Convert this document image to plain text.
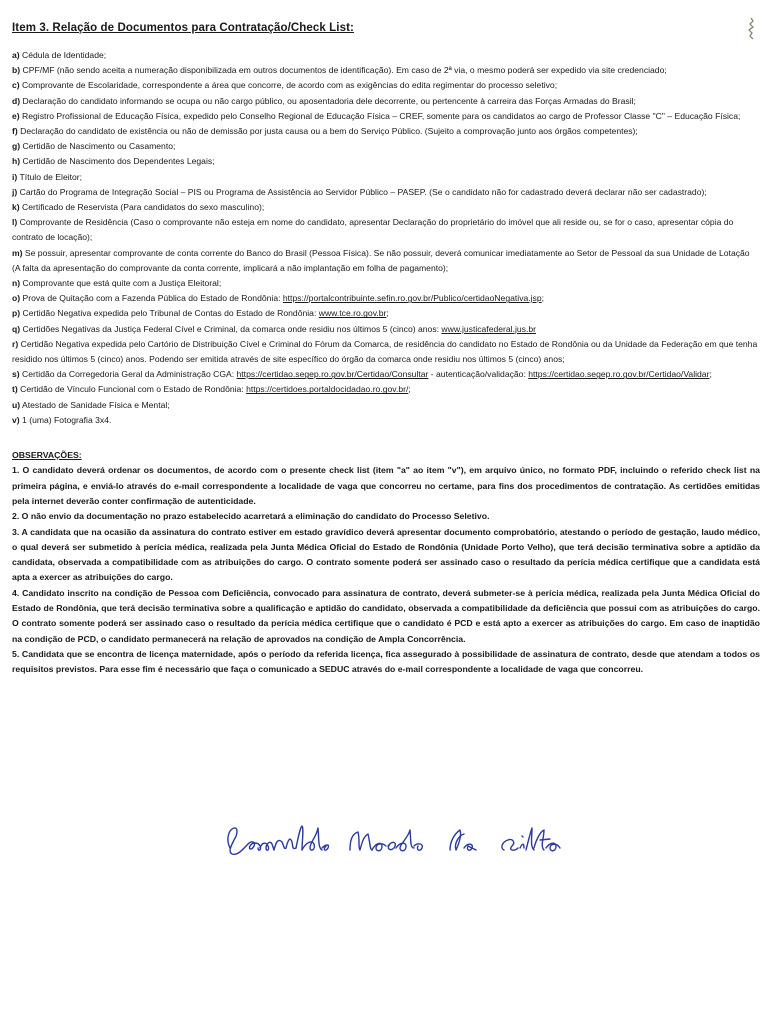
Item 3. Relação de Documentos para Contratação/Check List:

a) Cédula de Identidade;

b) CPF/MF (não sendo aceita a numeração disponibilizada em outros documentos de identificação). Em caso de 2ª via, o mesmo poderá ser expedido via site credenciado;

c) Comprovante de Escolaridade, correspondente a área que concorre, de acordo com as exigências do edita regimentar do processo seletivo;

d) Declaração do candidato informando se ocupa ou não cargo público, ou aposentadoria dele decorrente, ou pertencente à carreira das Forças Armadas do Brasil;

e) Registro Profissional de Educação Física, expedido pelo Conselho Regional de Educação Física – CREF, somente para os candidatos ao cargo de Professor Classe "C" – Educação Física;

f) Declaração do candidato de existência ou não de demissão por justa causa ou a bem do Serviço Público. (Sujeito a comprovação junto aos órgãos competentes);

g) Certidão de Nascimento ou Casamento;

h) Certidão de Nascimento dos Dependentes Legais;

i) Título de Eleitor;

j) Cartão do Programa de Integração Social – PIS ou Programa de Assistência ao Servidor Público – PASEP. (Se o candidato não for cadastrado deverá declarar não ser cadastrado);

k) Certificado de Reservista (Para candidatos do sexo masculino);

l) Comprovante de Residência (Caso o comprovante não esteja em nome do candidato, apresentar Declaração do proprietário do imóvel que ali reside ou, se for o caso, apresentar cópia do contrato de locação);

m) Se possuir, apresentar comprovante de conta corrente do Banco do Brasil (Pessoa Física). Se não possuir, deverá comunicar imediatamente ao Setor de Pessoal da sua Unidade de Lotação (A falta da apresentação do comprovante da conta corrente, implicará a não implantação em folha de pagamento);

n) Comprovante que está quite com a Justiça Eleitoral;

o) Prova de Quitação com a Fazenda Pública do Estado de Rondônia: https://portalcontribuinte.sefin.ro.gov.br/Publico/certidaoNegativa.jsp;

p) Certidão Negativa expedida pelo Tribunal de Contas do Estado de Rondônia: www.tce.ro.gov.br;

q) Certidões Negativas da Justiça Federal Cível e Criminal, da comarca onde residiu nos últimos 5 (cinco) anos: www.justicafederal.jus.br

r) Certidão Negativa expedida pelo Cartório de Distribuição Cível e Criminal do Fórum da Comarca, de residência do candidato no Estado de Rondônia ou da Unidade da Federação em que tenha residido nos últimos 5 (cinco) anos. Podendo ser emitida através de site específico do órgão da comarca onde residiu nos últimos 5 (cinco) anos;

s) Certidão da Corregedoria Geral da Administração CGA: https://certidao.segep.ro.gov.br/Certidao/Consultar - autenticação/validação: https://certidao.segep.ro.gov.br/Certidao/Validar;

t) Certidão de Vínculo Funcional com o Estado de Rondônia: https://certidoes.portaldocidadao.ro.gov.br/;

u) Atestado de Sanidade Física e Mental;

v) 1 (uma) Fotografia 3x4.

OBSERVAÇÕES:

1. O candidato deverá ordenar os documentos, de acordo com o presente check list (item "a" ao item "v"), em arquivo único, no formato PDF, incluindo o referido check list na primeira página, e enviá-lo através do e-mail correspondente a localidade de vaga que concorreu no certame, para fins dos procedimentos de contratação. As certidões emitidas pela internet deverão conter confirmação de autenticidade.

2. O não envio da documentação no prazo estabelecido acarretará a eliminação do candidato do Processo Seletivo.

3. A candidata que na ocasião da assinatura do contrato estiver em estado gravídico deverá apresentar documento comprobatório, atestando o período de gestação, laudo médico, o qual deverá ser submetido à perícia médica, realizada pela Junta Médica Oficial do Estado de Rondônia (Unidade Porto Velho), que terá decisão terminativa sobre a aptidão da candidata, observada a compatibilidade com as atribuições do cargo. O contrato somente poderá ser assinado caso o resultado da perícia médica certifique que a candidata está apta a exercer as atribuições do cargo.

4. Candidato inscrito na condição de Pessoa com Deficiência, convocado para assinatura de contrato, deverá submeter-se à perícia médica, realizada pela Junta Médica Oficial do Estado de Rondônia, que terá decisão terminativa sobre a qualificação e aptidão do candidato, observada a compatibilidade da deficiência que possui com as atribuições do cargo. O contrato somente poderá ser assinado caso o resultado da perícia médica certifique que o candidato é PCD e está apto a exercer as atribuições do cargo. Em caso de inaptidão na condição de PCD, o candidato permanecerá na relação de aprovados na condição de Ampla Concorrência.

5. Candidata que se encontra de licença maternidade, após o período da referida licença, fica assegurado à possibilidade de assinatura de contrato, desde que atendam a todos os requisitos previstos. Para esse fim é necessário que faça o comunicado a SEDUC através do e-mail correspondente a localidade de vaga que concorreu.
